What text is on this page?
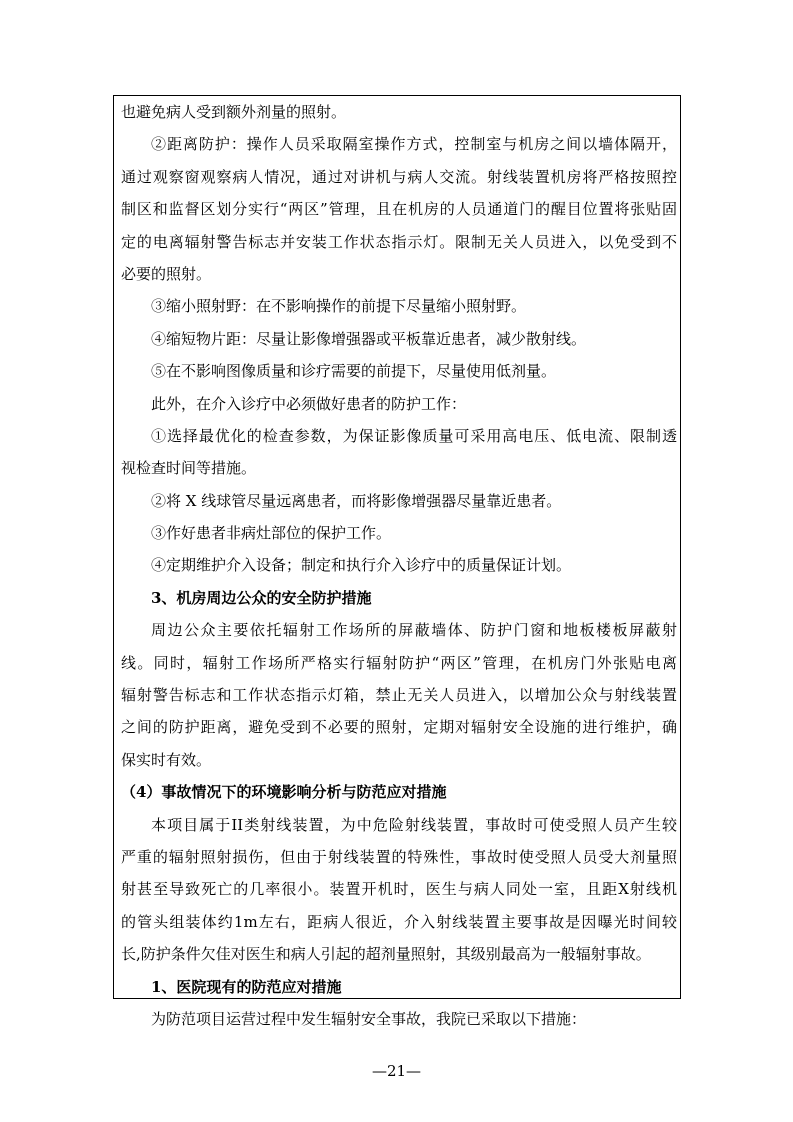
也避免病人受到额外剂量的照射。
②距离防护：操作人员采取隔室操作方式，控制室与机房之间以墙体隔开，
通过观察窗观察病人情况，通过对讲机与病人交流。射线装置机房将严格按照控
制区和监督区划分实行“两区”管理，且在机房的人员通道门的醒目位置将张贴固
定的电离辐射警告标志并安装工作状态指示灯。限制无关人员进入，以免受到不
必要的照射。
③缩小照射野：在不影响操作的前提下尽量缩小照射野。
④缩短物片距：尽量让影像增强器或平板靠近患者，减少散射线。
⑤在不影响图像质量和诊疗需要的前提下，尽量使用低剂量。
此外，在介入诊疗中必须做好患者的防护工作：
①选择最优化的检查参数，为保证影像质量可采用高电压、低电流、限制透
视检查时间等措施。
②将 X 线球管尽量远离患者，而将影像增强器尽量靠近患者。
③作好患者非病灶部位的保护工作。
④定期维护介入设备；制定和执行介入诊疗中的质量保证计划。
3、机房周边公众的安全防护措施
周边公众主要依托辐射工作场所的屏蔽墙体、防护门窗和地板楼板屏蔽射
线。同时，辐射工作场所严格实行辐射防护“两区”管理，在机房门外张贴电离
辐射警告标志和工作状态指示灯箱，禁止无关人员进入，以增加公众与射线装置
之间的防护距离，避免受到不必要的照射，定期对辐射安全设施的进行维护，确
保实时有效。
（4）事故情况下的环境影响分析与防范应对措施
本项目属于II类射线装置，为中危险射线装置，事故时可使受照人员产生较
严重的辐射照射损伤，但由于射线装置的特殊性，事故时使受照人员受大剂量照
射甚至导致死亡的几率很小。装置开机时，医生与病人同处一室，且距X射线机
的管头组装体约1m左右，距病人很近，介入射线装置主要事故是因曝光时间较
长,防护条件欠佳对医生和病人引起的超剂量照射，其级别最高为一般辐射事故。
1、医院现有的防范应对措施
为防范项目运营过程中发生辐射安全事故，我院已采取以下措施：
—21—
